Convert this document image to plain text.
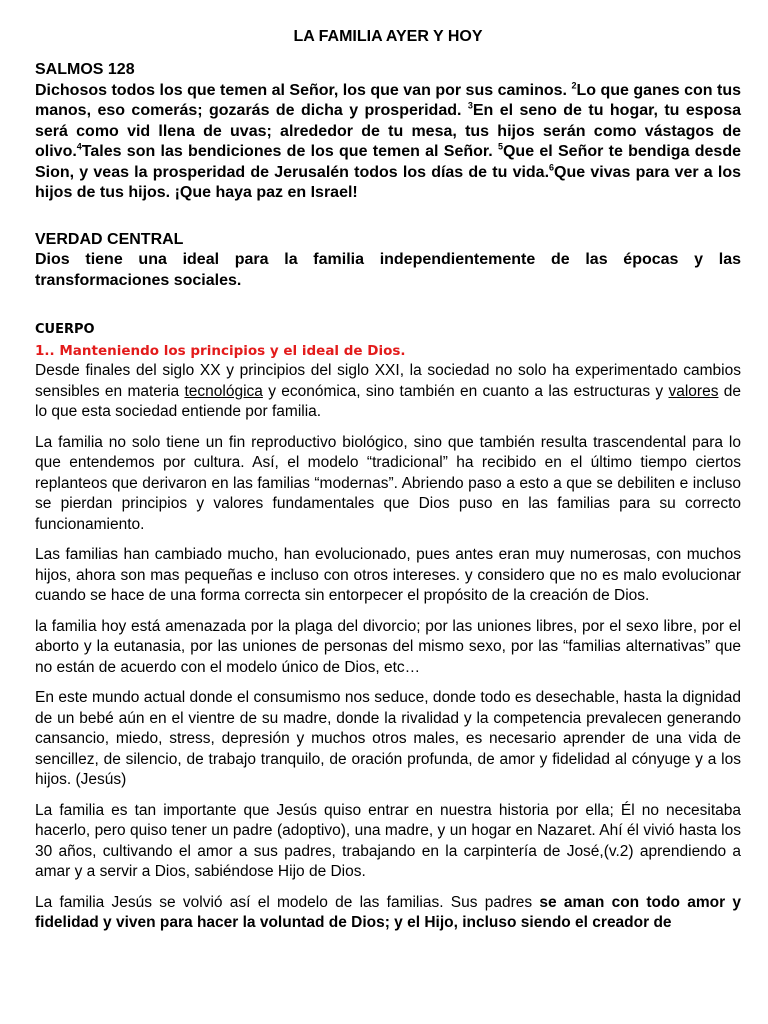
LA FAMILIA AYER Y HOY
SALMOS 128
Dichosos todos los que temen al Señor, los que van por sus caminos. $^2$Lo que ganes con tus manos, eso comerás; gozarás de dicha y prosperidad. $^3$En el seno de tu hogar, tu esposa será como vid llena de uvas; alrededor de tu mesa, tus hijos serán como vástagos de olivo.$^4$Tales son las bendiciones de los que temen al Señor. $^5$Que el Señor te bendiga desde Sion, y veas la prosperidad de Jerusalén todos los días de tu vida.$^6$Que vivas para ver a los hijos de tus hijos. ¡Que haya paz en Israel!
VERDAD CENTRAL
Dios tiene una ideal para la familia independientemente de las épocas y las transformaciones sociales.
CUERPO
1.. Manteniendo los principios y el ideal de Dios.

Desde finales del siglo XX y principios del siglo XXI, la sociedad no solo ha experimentado cambios sensibles en materia tecnológica y económica, sino también en cuanto a las estructuras y valores de lo que esta sociedad entiende por familia.

La familia no solo tiene un fin reproductivo biológico, sino que también resulta trascendental para lo que entendemos por cultura. Así, el modelo “tradicional” ha recibido en el último tiempo ciertos replanteos que derivaron en las familias “modernas”. Abriendo paso a esto a que se debiliten e incluso se pierdan principios y valores fundamentales que Dios puso en las familias para su correcto funcionamiento.

Las familias han cambiado mucho, han evolucionado, pues antes eran muy numerosas, con muchos hijos, ahora son mas pequeñas e incluso con otros intereses. y considero que no es malo evolucionar cuando se hace de una forma correcta sin entorpecer el propósito de la creación de Dios.

la familia hoy está amenazada por la plaga del divorcio; por las uniones libres, por el sexo libre, por el aborto y la eutanasia, por las uniones de personas del mismo sexo, por las “familias alternativas” que no están de acuerdo con el modelo único de Dios, etc…

En este mundo actual donde el consumismo nos seduce, donde todo es desechable, hasta la dignidad de un bebé aún en el vientre de su madre, donde la rivalidad y la competencia prevalecen generando cansancio, miedo, stress, depresión y muchos otros males, es necesario aprender de una vida de sencillez, de silencio, de trabajo tranquilo, de oración profunda, de amor y fidelidad al cónyuge y a los hijos. (Jesús)

La familia es tan importante que Jesús quiso entrar en nuestra historia por ella; Él no necesitaba hacerlo, pero quiso tener un padre (adoptivo), una madre, y un hogar en Nazaret. Ahí él vivió hasta los 30 años, cultivando el amor a sus padres, trabajando en la carpintería de José,(v.2) aprendiendo a amar y a servir a Dios, sabiéndose Hijo de Dios.

La familia Jesús se volvió así el modelo de las familias. Sus padres se aman con todo amor y fidelidad y viven para hacer la voluntad de Dios; y el Hijo, incluso siendo el creador de
